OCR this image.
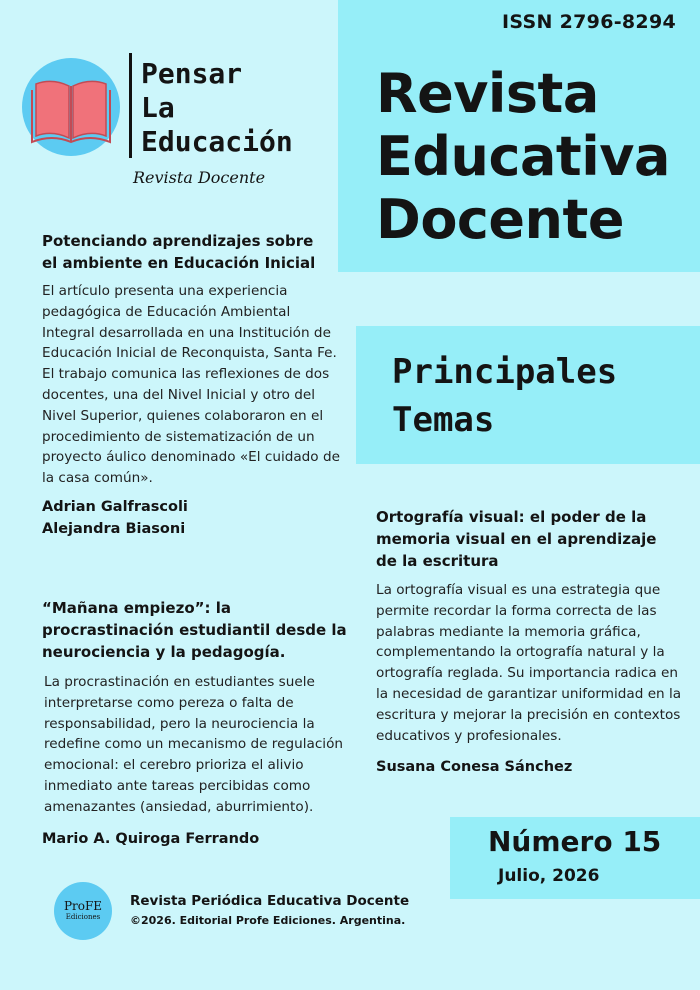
ISSN 2796-8294
Revista
Educativa
Docente
Pensar
La
Educación
Revista Docente
Principales
Temas
Potenciando aprendizajes sobre el ambiente en Educación Inicial
El artículo presenta una experiencia pedagógica de Educación Ambiental Integral desarrollada en una Institución de Educación Inicial de Reconquista, Santa Fe. El trabajo comunica las reflexiones de dos docentes, una del Nivel Inicial y otro del Nivel Superior, quienes colaboraron en el procedimiento de sistematización de un proyecto áulico denominado «El cuidado de la casa común».
Adrian Galfrascoli
Alejandra Biasoni
“Mañana empiezo”: la procrastinación estudiantil desde la neurociencia y la pedagogía.
La procrastinación en estudiantes suele interpretarse como pereza o falta de responsabilidad, pero la neurociencia la redefine como un mecanismo de regulación emocional: el cerebro prioriza el alivio inmediato ante tareas percibidas como amenazantes (ansiedad, aburrimiento).
Mario A. Quiroga Ferrando
Ortografía visual: el poder de la memoria visual en el aprendizaje de la escritura
La ortografía visual es una estrategia que permite recordar la forma correcta de las palabras mediante la memoria gráfica, complementando la ortografía natural y la ortografía reglada. Su importancia radica en la necesidad de garantizar uniformidad en la escritura y mejorar la precisión en contextos educativos y profesionales.
Susana Conesa Sánchez
Número 15
Julio, 2026
ProFE
Ediciones
Revista Periódica Educativa Docente
©2026. Editorial Profe Ediciones. Argentina.
